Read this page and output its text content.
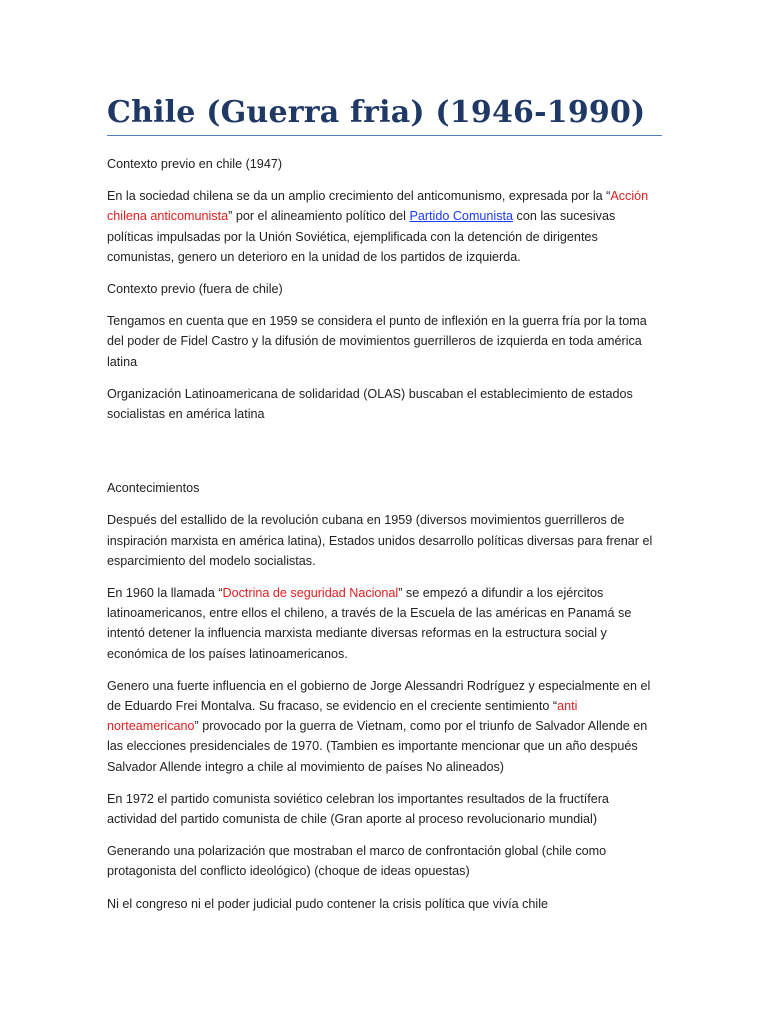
Chile (Guerra fria) (1946-1990)

Contexto previo en chile (1947)

En la sociedad chilena se da un amplio crecimiento del anticomunismo, expresada por la “Acción chilena anticomunista” por el alineamiento político del Partido Comunista con las sucesivas políticas impulsadas por la Unión Soviética, ejemplificada con la detención de dirigentes comunistas, genero un deterioro en la unidad de los partidos de izquierda.

Contexto previo (fuera de chile)

Tengamos en cuenta que en 1959 se considera el punto de inflexión en la guerra fría por la toma del poder de Fidel Castro y la difusión de movimientos guerrilleros de izquierda en toda américa latina

Organización Latinoamericana de solidaridad (OLAS) buscaban el establecimiento de estados socialistas en américa latina

Acontecimientos

Después del estallido de la revolución cubana en 1959 (diversos movimientos guerrilleros de inspiración marxista en américa latina), Estados unidos desarrollo políticas diversas para frenar el esparcimiento del modelo socialistas.

En 1960 la llamada “Doctrina de seguridad Nacional” se empezó a difundir a los ejércitos latinoamericanos, entre ellos el chileno, a través de la Escuela de las américas en Panamá se intentó detener la influencia marxista mediante diversas reformas en la estructura social y económica de los países latinoamericanos.

Genero una fuerte influencia en el gobierno de Jorge Alessandri Rodríguez y especialmente en el de Eduardo Frei Montalva. Su fracaso, se evidencio en el creciente sentimiento “anti norteamericano” provocado por la guerra de Vietnam, como por el triunfo de Salvador Allende en las elecciones presidenciales de 1970. (Tambien es importante mencionar que un año después Salvador Allende integro a chile al movimiento de países No alineados)

En 1972 el partido comunista soviético celebran los importantes resultados de la fructífera actividad del partido comunista de chile (Gran aporte al proceso revolucionario mundial)

Generando una polarización que mostraban el marco de confrontación global (chile como protagonista del conflicto ideológico) (choque de ideas opuestas)

Ni el congreso ni el poder judicial pudo contener la crisis política que vivía chile
